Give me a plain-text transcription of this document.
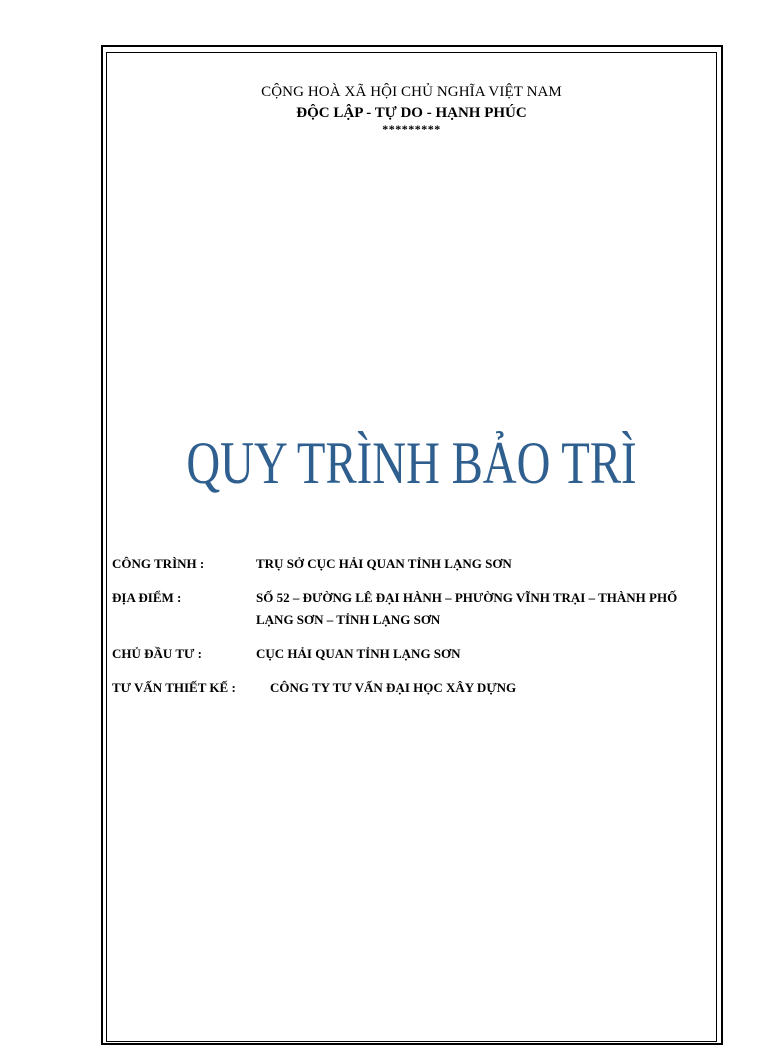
CỘNG HOÀ XÃ HỘI CHỦ NGHĨA VIỆT NAM
ĐỘC LẬP - TỰ DO - HẠNH PHÚC
*********
QUY TRÌNH BẢO TRÌ
CÔNG TRÌNH :	TRỤ SỞ CỤC HẢI QUAN TỈNH LẠNG SƠN
ĐỊA ĐIỂM :	SỐ 52 – ĐƯỜNG LÊ ĐẠI HÀNH – PHƯỜNG VĨNH TRẠI – THÀNH PHỐ LẠNG SƠN – TỈNH LẠNG SƠN
CHỦ ĐẦU TƯ :	CỤC HẢI QUAN TỈNH LẠNG SƠN
TƯ VẤN THIẾT KẾ :	CÔNG TY TƯ VẤN ĐẠI HỌC XÂY DỰNG
